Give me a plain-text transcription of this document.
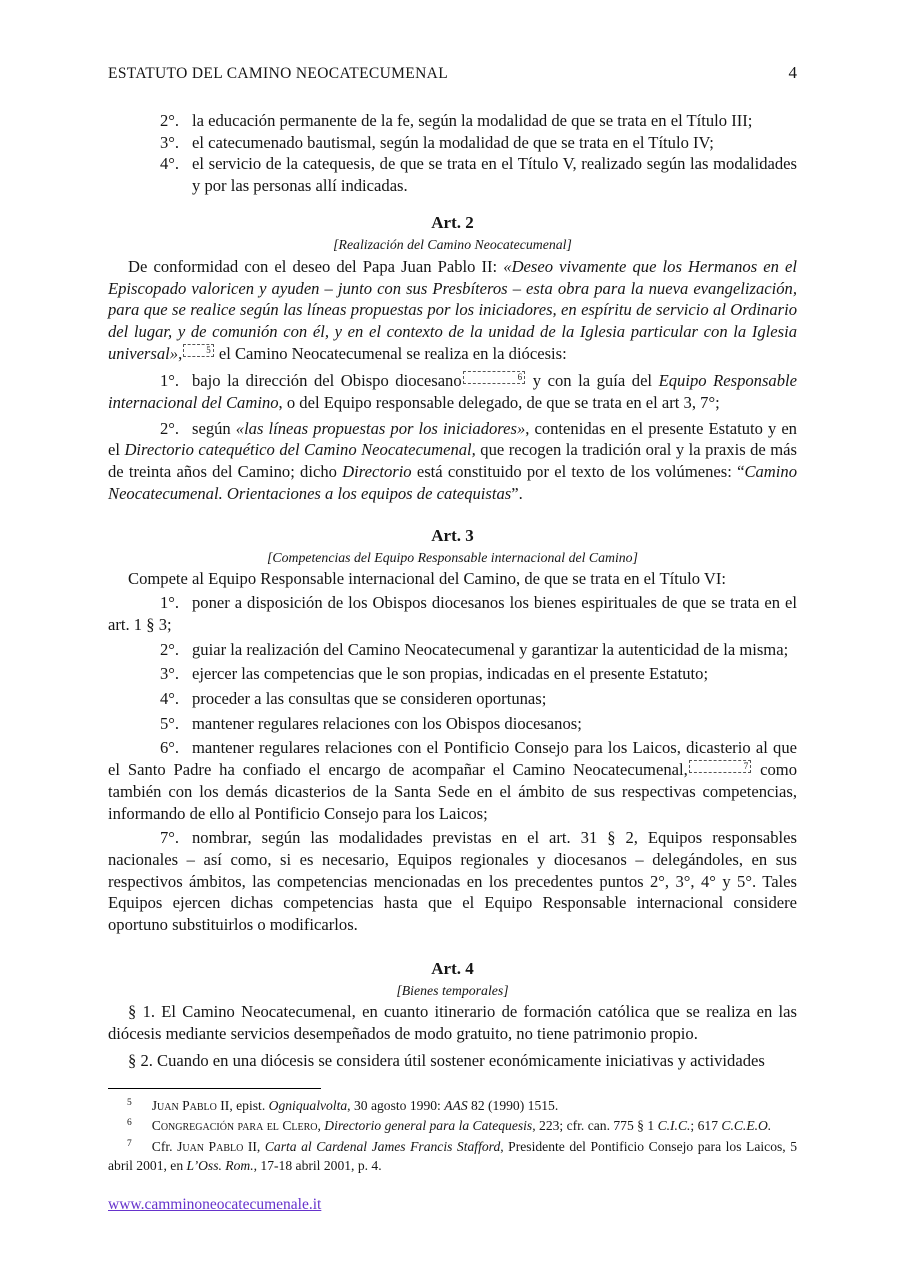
ESTATUTO DEL CAMINO NEOCATECUMENAL	4
2°. la educación permanente de la fe, según la modalidad de que se trata en el Título III;
3°. el catecumenado bautismal, según la modalidad de que se trata en el Título IV;
4°. el servicio de la catequesis, de que se trata en el Título V, realizado según las modalidades y por las personas allí indicadas.
Art. 2
[Realización del Camino Neocatecumenal]

De conformidad con el deseo del Papa Juan Pablo II: «Deseo vivamente que los Hermanos en el Episcopado valoricen y ayuden – junto con sus Presbíteros – esta obra para la nueva evangelización, para que se realice según las líneas propuestas por los iniciadores, en espíritu de servicio al Ordinario del lugar, y de comunión con él, y en el contexto de la unidad de la Iglesia particular con la Iglesia universal»,	5 el Camino Neocatecumenal se realiza en la diócesis:

1°. bajo la dirección del Obispo diocesano	6 y con la guía del Equipo Responsable internacional del Camino, o del Equipo responsable delegado, de que se trata en el art 3, 7°;

2°. según «las líneas propuestas por los iniciadores», contenidas en el presente Estatuto y en el Directorio catequético del Camino Neocatecumenal, que recogen la tradición oral y la praxis de más de treinta años del Camino; dicho Directorio está constituido por el texto de los volúmenes: “Camino Neocatecumenal. Orientaciones a los equipos de catequistas”.

Art. 3
[Competencias del Equipo Responsable internacional del Camino]

Compete al Equipo Responsable internacional del Camino, de que se trata en el Título VI:

1°. poner a disposición de los Obispos diocesanos los bienes espirituales de que se trata en el art. 1 § 3;

2°. guiar la realización del Camino Neocatecumenal y garantizar la autenticidad de la misma;

3°. ejercer las competencias que le son propias, indicadas en el presente Estatuto;

4°. proceder a las consultas que se consideren oportunas;

5°. mantener regulares relaciones con los Obispos diocesanos;

6°. mantener regulares relaciones con el Pontificio Consejo para los Laicos, dicasterio al que el Santo Padre ha confiado el encargo de acompañar el Camino Neocatecumenal,	7 como también con los demás dicasterios de la Santa Sede en el ámbito de sus respectivas competencias, informando de ello al Pontificio Consejo para los Laicos;

7°. nombrar, según las modalidades previstas en el art. 31 § 2, Equipos responsables nacionales – así como, si es necesario, Equipos regionales y diocesanos – delegándoles, en sus respectivos ámbitos, las competencias mencionadas en los precedentes puntos 2°, 3°, 4° y 5°. Tales Equipos ejercen dichas competencias hasta que el Equipo Responsable internacional considere oportuno substituirlos o modificarlos.

Art. 4
[Bienes temporales]

§ 1. El Camino Neocatecumenal, en cuanto itinerario de formación católica que se realiza en las diócesis mediante servicios desempeñados de modo gratuito, no tiene patrimonio propio.

§ 2. Cuando en una diócesis se considera útil sostener económicamente iniciativas y actividades

$^5$ Juan Pablo II, epist. Ogniqualvolta, 30 agosto 1990: AAS 82 (1990) 1515.
$^6$ Congregación para el Clero, Directorio general para la Catequesis, 223; cfr. can. 775 § 1 C.I.C.; 617 C.C.E.O.
$^7$ Cfr. Juan Pablo II, Carta al Cardenal James Francis Stafford, Presidente del Pontificio Consejo para los Laicos, 5 abril 2001, en L’Oss. Rom., 17-18 abril 2001, p. 4.
www.camminoneocatecumenale.it
